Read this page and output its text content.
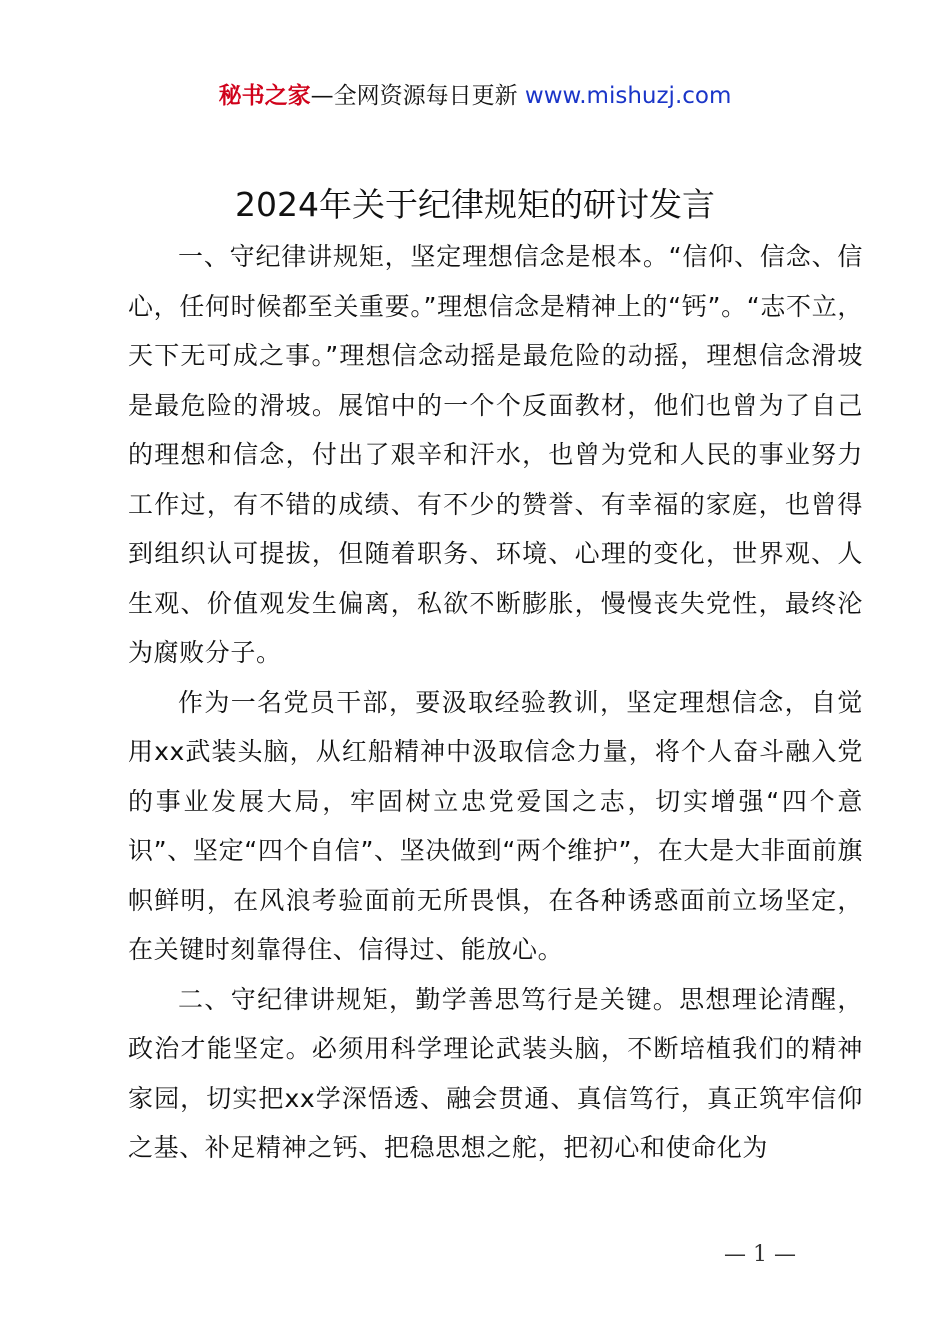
秘书之家—全网资源每日更新 www.mishuzj.com
2024年关于纪律规矩的研讨发言

一、守纪律讲规矩，坚定理想信念是根本。“信仰、信念、信心，任何时候都至关重要。”理想信念是精神上的“钙”。“志不立，天下无可成之事。”理想信念动摇是最危险的动摇，理想信念滑坡是最危险的滑坡。展馆中的一个个反面教材，他们也曾为了自己的理想和信念，付出了艰辛和汗水，也曾为党和人民的事业努力工作过，有不错的成绩、有不少的赞誉、有幸福的家庭，也曾得到组织认可提拔，但随着职务、环境、心理的变化，世界观、人生观、价值观发生偏离，私欲不断膨胀，慢慢丧失党性，最终沦为腐败分子。

作为一名党员干部，要汲取经验教训，坚定理想信念，自觉用xx武装头脑，从红船精神中汲取信念力量，将个人奋斗融入党的事业发展大局，牢固树立忠党爱国之志，切实增强“四个意识”、坚定“四个自信”、坚决做到“两个维护”，在大是大非面前旗帜鲜明，在风浪考验面前无所畏惧，在各种诱惑面前立场坚定，在关键时刻靠得住、信得过、能放心。

二、守纪律讲规矩，勤学善思笃行是关键。思想理论清醒，政治才能坚定。必须用科学理论武装头脑，不断培植我们的精神家园，切实把xx学深悟透、融会贯通、真信笃行，真正筑牢信仰之基、补足精神之钙、把稳思想之舵，把初心和使命化为

— 1 —
